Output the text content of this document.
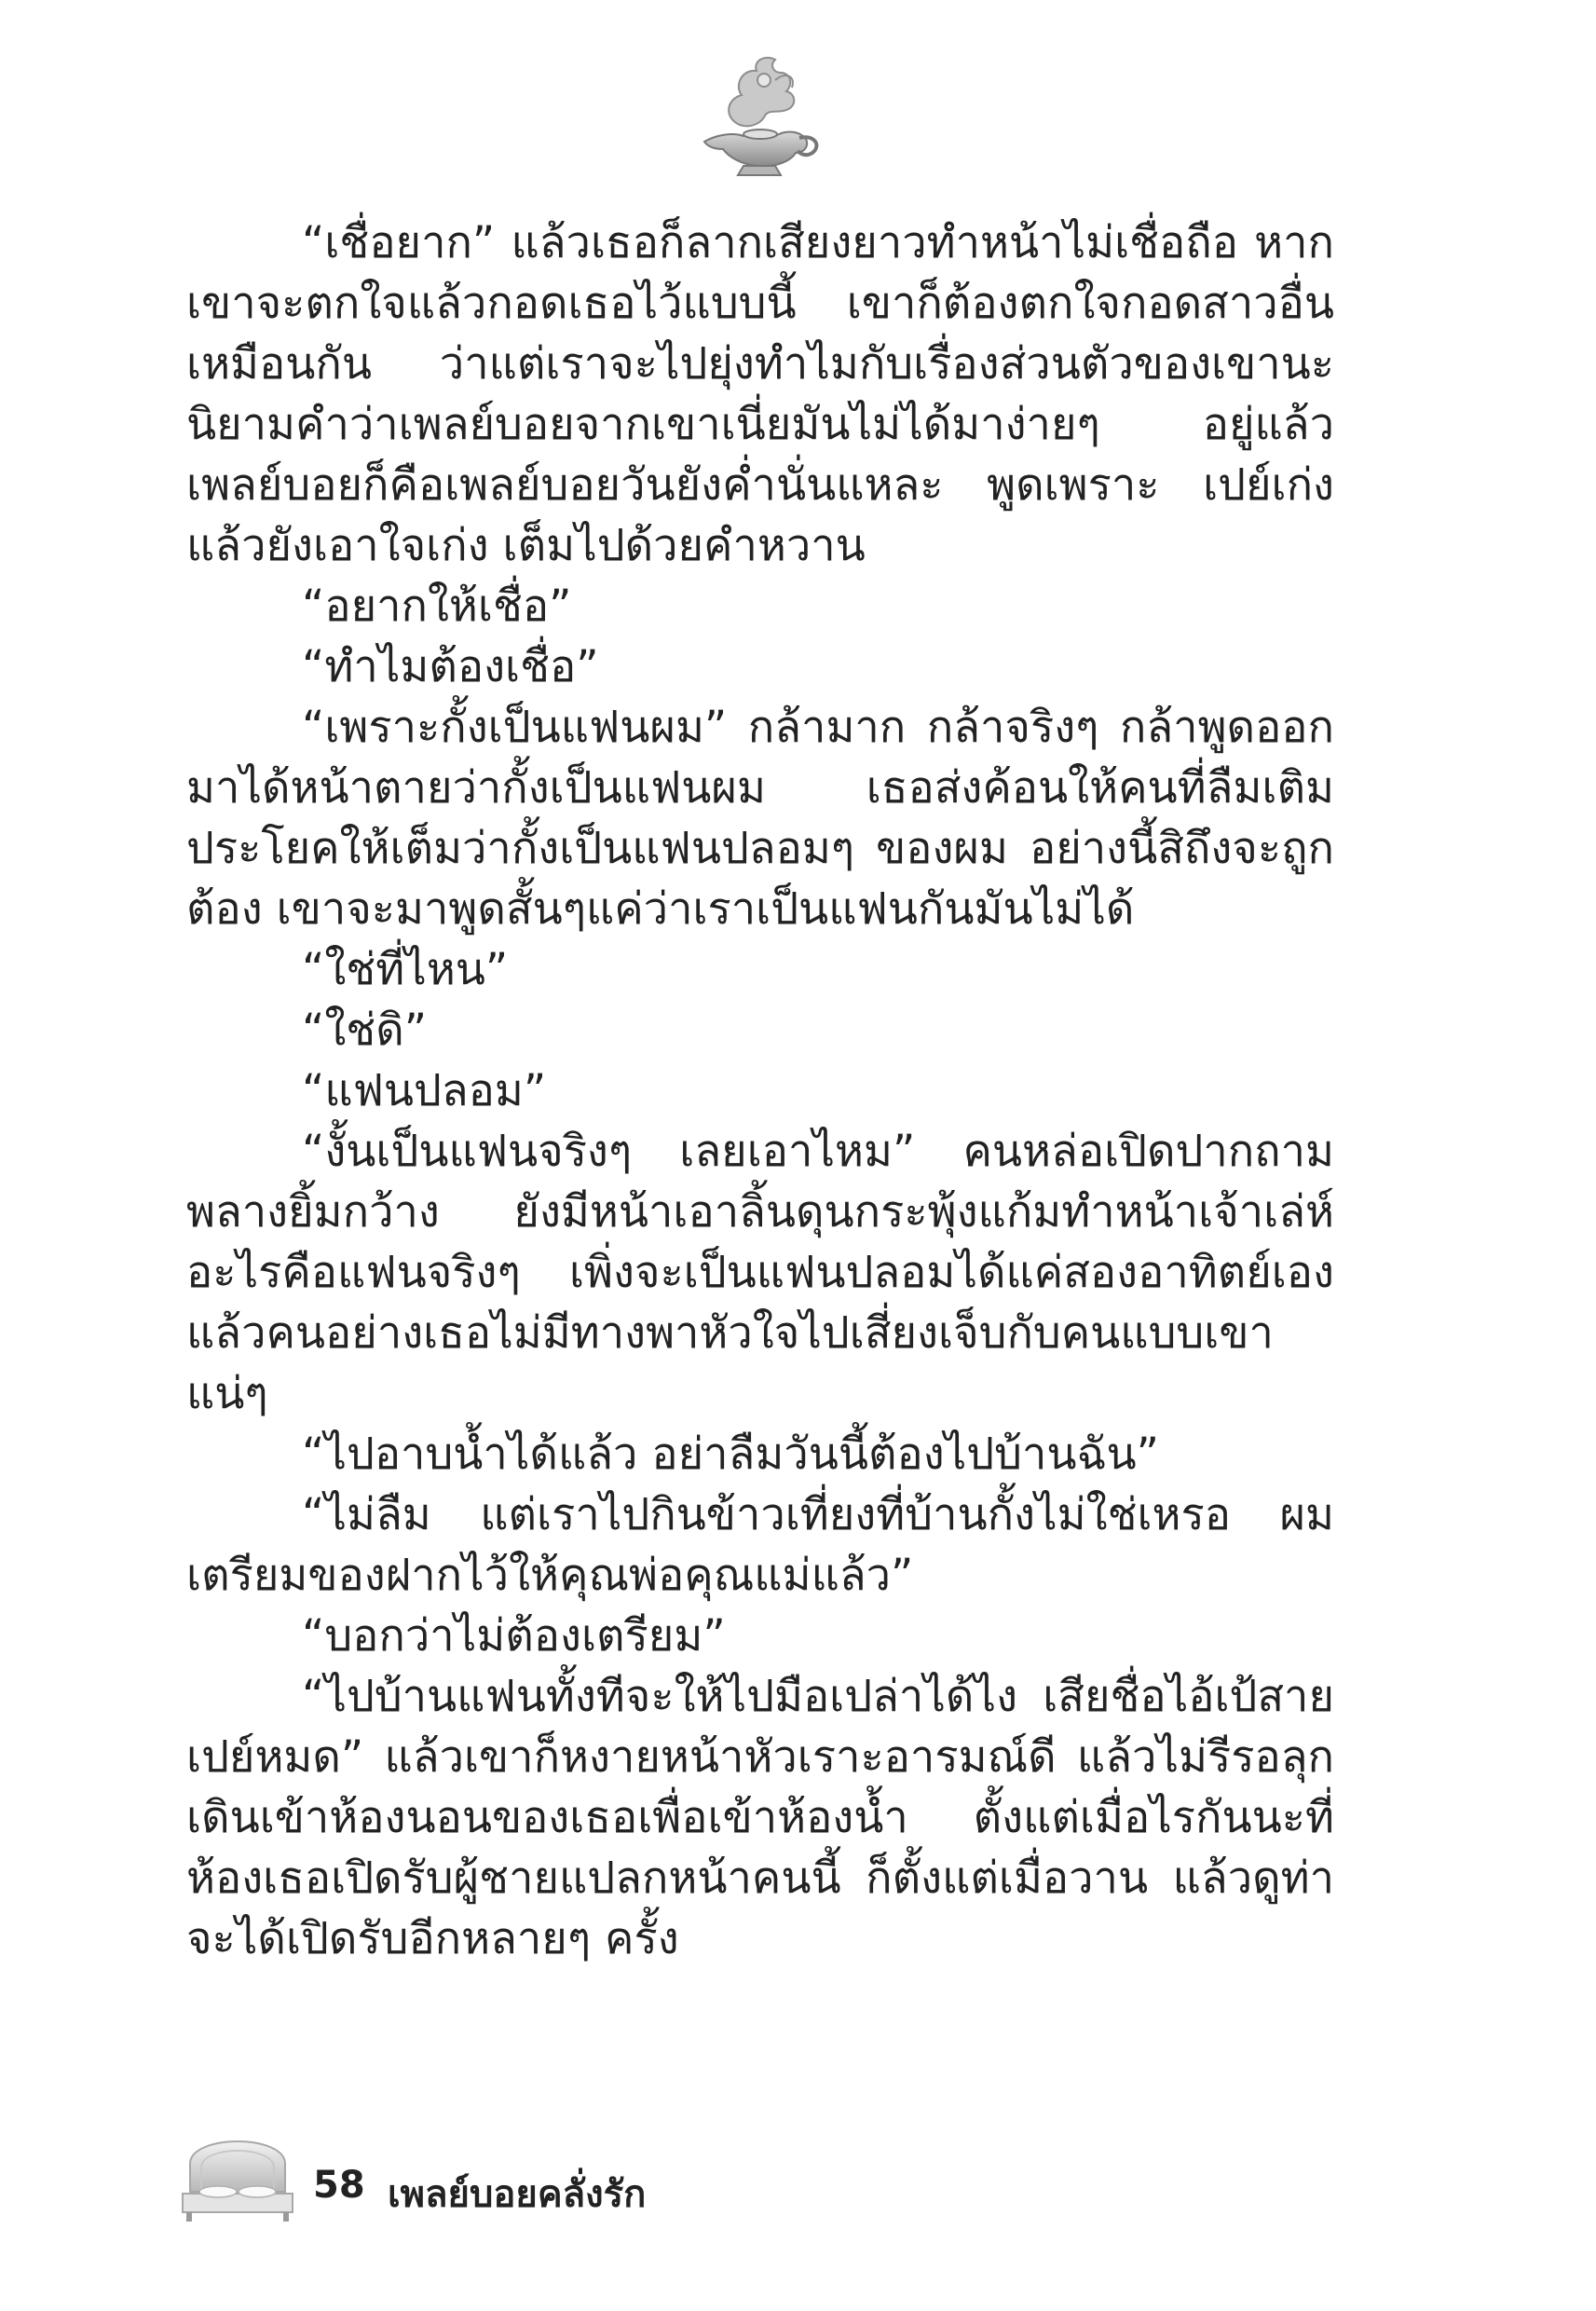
“เชื่อยาก” แล้วเธอก็ลากเสียงยาวทำหน้าไม่เชื่อถือ หากเขาจะตกใจแล้วกอดเธอไว้แบบนี้ เขาก็ต้องตกใจกอดสาวอื่นเหมือนกัน ว่าแต่เราจะไปยุ่งทำไมกับเรื่องส่วนตัวของเขานะ นิยามคำว่าเพลย์บอยจากเขาเนี่ยมันไม่ได้มาง่ายๆ อยู่แล้ว เพลย์บอยก็คือเพลย์บอยวันยังค่ำนั่นแหละ พูดเพราะ เปย์เก่ง แล้วยังเอาใจเก่ง เต็มไปด้วยคำหวาน

“อยากให้เชื่อ”

“ทำไมต้องเชื่อ”

“เพราะกั้งเป็นแฟนผม” กล้ามาก กล้าจริงๆ กล้าพูดออกมาได้หน้าตายว่ากั้งเป็นแฟนผม เธอส่งค้อนให้คนที่ลืมเติมประโยคให้เต็มว่ากั้งเป็นแฟนปลอมๆ ของผม อย่างนี้สิถึงจะถูกต้อง เขาจะมาพูดสั้นๆแค่ว่าเราเป็นแฟนกันมันไม่ได้

“ใช่ที่ไหน”

“ใช่ดิ”

“แฟนปลอม”

“งั้นเป็นแฟนจริงๆ เลยเอาไหม” คนหล่อเปิดปากถามพลางยิ้มกว้าง ยังมีหน้าเอาลิ้นดุนกระพุ้งแก้มทำหน้าเจ้าเล่ห์ อะไรคือแฟนจริงๆ เพิ่งจะเป็นแฟนปลอมได้แค่สองอาทิตย์เอง แล้วคนอย่างเธอไม่มีทางพาหัวใจไปเสี่ยงเจ็บกับคนแบบเขาแน่ๆ

“ไปอาบน้ำได้แล้ว อย่าลืมวันนี้ต้องไปบ้านฉัน”

“ไม่ลืม แต่เราไปกินข้าวเที่ยงที่บ้านกั้งไม่ใช่เหรอ ผมเตรียมของฝากไว้ให้คุณพ่อคุณแม่แล้ว”

“บอกว่าไม่ต้องเตรียม”

“ไปบ้านแฟนทั้งทีจะให้ไปมือเปล่าได้ไง เสียชื่อไอ้เป้สายเปย์หมด” แล้วเขาก็หงายหน้าหัวเราะอารมณ์ดี แล้วไม่รีรอลุกเดินเข้าห้องนอนของเธอเพื่อเข้าห้องน้ำ ตั้งแต่เมื่อไรกันนะที่ห้องเธอเปิดรับผู้ชายแปลกหน้าคนนี้ ก็ตั้งแต่เมื่อวาน แล้วดูท่าจะได้เปิดรับอีกหลายๆ ครั้ง

58 เพลย์บอยคลั่งรัก
